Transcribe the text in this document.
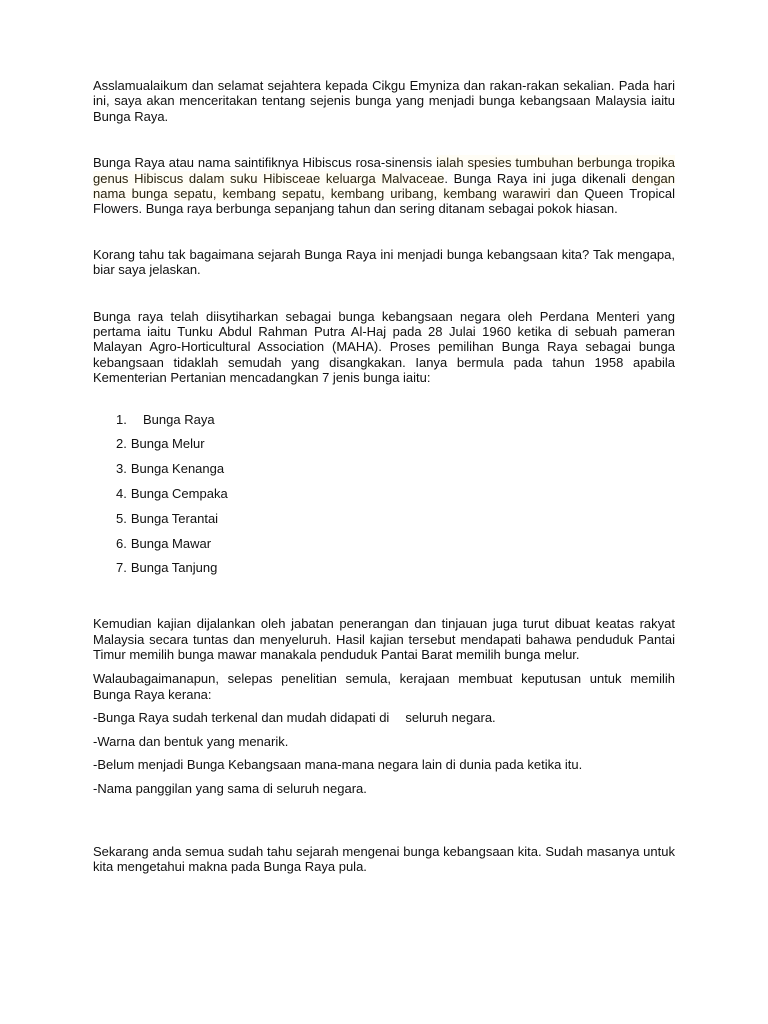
Asslamualaikum dan selamat sejahtera kepada Cikgu Emyniza dan rakan-rakan sekalian. Pada hari ini, saya akan menceritakan tentang sejenis bunga yang menjadi bunga kebangsaan Malaysia iaitu Bunga Raya.

Bunga Raya atau nama saintifiknya Hibiscus rosa-sinensis ialah spesies tumbuhan berbunga tropika genus Hibiscus dalam suku Hibisceae keluarga Malvaceae. Bunga Raya ini juga dikenali dengan nama bunga sepatu, kembang sepatu, kembang uribang, kembang warawiri dan Queen Tropical Flowers. Bunga raya berbunga sepanjang tahun dan sering ditanam sebagai pokok hiasan.

Korang tahu tak bagaimana sejarah Bunga Raya ini menjadi bunga kebangsaan kita? Tak mengapa, biar saya jelaskan.

Bunga raya telah diisytiharkan sebagai bunga kebangsaan negara oleh Perdana Menteri yang pertama iaitu Tunku Abdul Rahman Putra Al-Haj pada 28 Julai 1960 ketika di sebuah pameran Malayan Agro-Horticultural Association (MAHA). Proses pemilihan Bunga Raya sebagai bunga kebangsaan tidaklah semudah yang disangkakan. Ianya bermula pada tahun 1958 apabila Kementerian Pertanian mencadangkan 7 jenis bunga iaitu:

1. Bunga Raya
2. Bunga Melur
3. Bunga Kenanga
4. Bunga Cempaka
5. Bunga Terantai
6. Bunga Mawar
7. Bunga Tanjung

Kemudian kajian dijalankan oleh jabatan penerangan dan tinjauan juga turut dibuat keatas rakyat Malaysia secara tuntas dan menyeluruh. Hasil kajian tersebut mendapati bahawa penduduk Pantai Timur memilih bunga mawar manakala penduduk Pantai Barat memilih bunga melur.

Walaubagaimanapun, selepas penelitian semula, kerajaan membuat keputusan untuk memilih Bunga Raya kerana:

-Bunga Raya sudah terkenal dan mudah didapati di seluruh negara.

-Warna dan bentuk yang menarik.

-Belum menjadi Bunga Kebangsaan mana-mana negara lain di dunia pada ketika itu.

-Nama panggilan yang sama di seluruh negara.

Sekarang anda semua sudah tahu sejarah mengenai bunga kebangsaan kita. Sudah masanya untuk kita mengetahui makna pada Bunga Raya pula.
